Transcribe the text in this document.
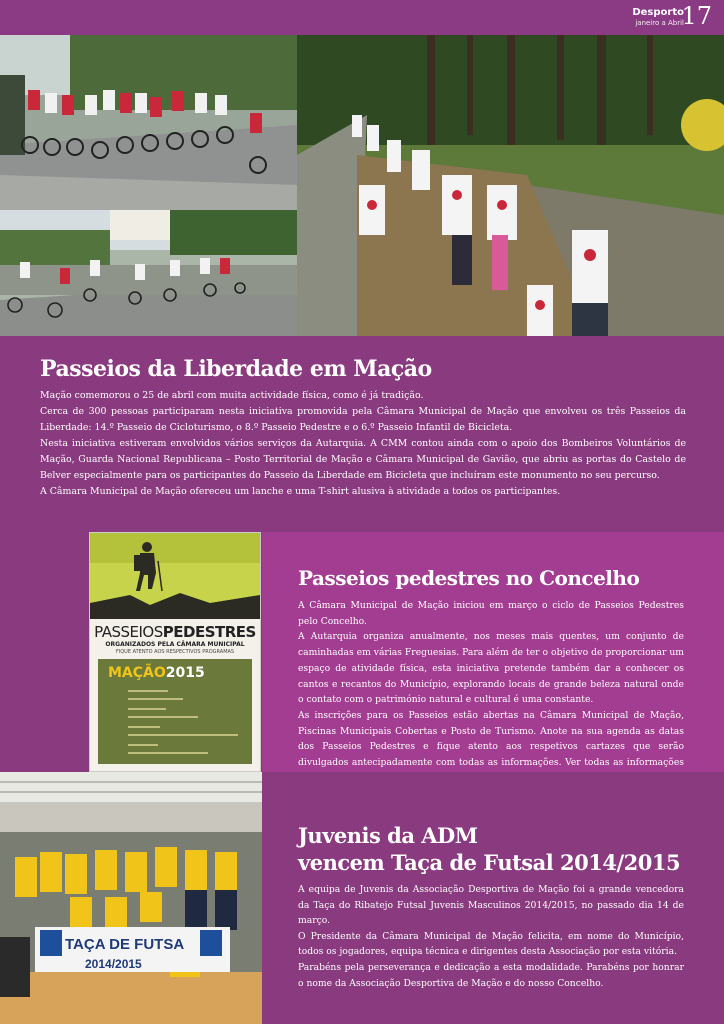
Desporto
janeiro a Abril
17
Passeios da Liberdade em Mação

Mação comemorou o 25 de abril com muita actividade física, como é já tradição.

Cerca de 300 pessoas participaram nesta iniciativa promovida pela Câmara Municipal de Mação que envolveu os três Passeios da Liberdade: 14.º Passeio de Cicloturismo, o 8.º Passeio Pedestre e o 6.º Passeio Infantil de Bicicleta.

Nesta iniciativa estiveram envolvidos vários serviços da Autarquia. A CMM contou ainda com o apoio dos Bombeiros Voluntários de Mação, Guarda Nacional Republicana – Posto Territorial de Mação e Câmara Municipal de Gavião, que abriu as portas do Castelo de Belver especialmente para os participantes do Passeio da Liberdade em Bicicleta que incluíram este monumento no seu percurso.

A Câmara Municipal de Mação ofereceu um lanche e uma T-shirt alusiva à atividade a todos os participantes.

PASSEIOSPEDESTRES
ORGANIZADOS PELA CÂMARA MUNICIPAL
FIQUE ATENTO AOS RESPECTIVOS PROGRAMAS
MAÇÃO2015
Passeios pedestres no Concelho

A Câmara Municipal de Mação iniciou em março o ciclo de Passeios Pedestres pelo Concelho.

A Autarquia organiza anualmente, nos meses mais quentes, um conjunto de caminhadas em várias Freguesias. Para além de ter o objetivo de proporcionar um espaço de atividade física, esta iniciativa pretende também dar a conhecer os cantos e recantos do Município, explorando locais de grande beleza natural onde o contato com o património natural e cultural é uma constante.

As inscrições para os Passeios estão abertas na Câmara Municipal de Mação, Piscinas Municipais Cobertas e Posto de Turismo. Anote na sua agenda as datas dos Passeios Pedestres e fique atento aos respetivos cartazes que serão divulgados antecipadamente com todas as informações. Ver todas as informações

TAÇA DE FUTSA
2014/2015
Juvenis da ADM
vencem Taça de Futsal 2014/2015

A equipa de Juvenis da Associação Desportiva de Mação foi a grande vencedora da Taça do Ribatejo Futsal Juvenis Masculinos 2014/2015, no passado dia 14 de março.

O Presidente da Câmara Municipal de Mação felicita, em nome do Município, todos os jogadores, equipa técnica e dirigentes desta Associação por esta vitória.

Parabéns pela perseverança e dedicação a esta modalidade. Parabéns por honrar o nome da Associação Desportiva de Mação e do nosso Concelho.
